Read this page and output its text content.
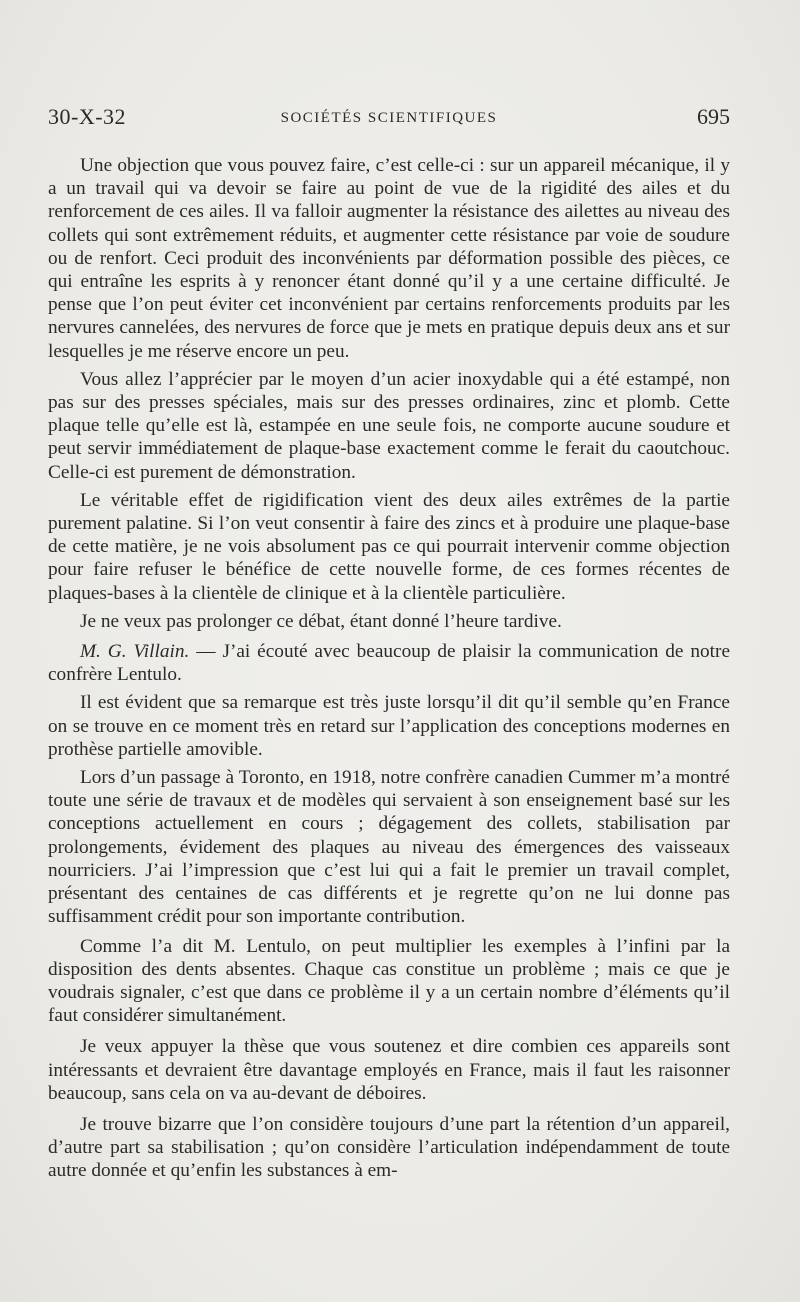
30-X-32	SOCIÉTÉS SCIENTIFIQUES	695

Une objection que vous pouvez faire, c’est celle-ci : sur un appareil mécanique, il y a un travail qui va devoir se faire au point de vue de la rigidité des ailes et du renforcement de ces ailes. Il va falloir augmenter la résistance des ailettes au niveau des collets qui sont extrêmement réduits, et augmenter cette résistance par voie de soudure ou de renfort. Ceci produit des inconvénients par déformation possible des pièces, ce qui entraîne les esprits à y renoncer étant donné qu’il y a une certaine difficulté. Je pense que l’on peut éviter cet inconvénient par certains renforcements produits par les nervures cannelées, des nervures de force que je mets en pratique depuis deux ans et sur lesquelles je me réserve encore un peu.

Vous allez l’apprécier par le moyen d’un acier inoxydable qui a été estampé, non pas sur des presses spéciales, mais sur des presses ordinaires, zinc et plomb. Cette plaque telle qu’elle est là, estampée en une seule fois, ne comporte aucune soudure et peut servir immédiatement de plaque-base exactement comme le ferait du caoutchouc. Celle-ci est purement de démonstration.

Le véritable effet de rigidification vient des deux ailes extrêmes de la partie purement palatine. Si l’on veut consentir à faire des zincs et à produire une plaque-base de cette matière, je ne vois absolument pas ce qui pourrait intervenir comme objection pour faire refuser le bénéfice de cette nouvelle forme, de ces formes récentes de plaques-bases à la clientèle de clinique et à la clientèle particulière.

Je ne veux pas prolonger ce débat, étant donné l’heure tardive.

M. G. Villain. — J’ai écouté avec beaucoup de plaisir la communication de notre confrère Lentulo.

Il est évident que sa remarque est très juste lorsqu’il dit qu’il semble qu’en France on se trouve en ce moment très en retard sur l’application des conceptions modernes en prothèse partielle amovible.

Lors d’un passage à Toronto, en 1918, notre confrère canadien Cummer m’a montré toute une série de travaux et de modèles qui servaient à son enseignement basé sur les conceptions actuellement en cours ; dégagement des collets, stabilisation par prolongements, évidement des plaques au niveau des émergences des vaisseaux nourriciers. J’ai l’impression que c’est lui qui a fait le premier un travail complet, présentant des centaines de cas différents et je regrette qu’on ne lui donne pas suffisamment crédit pour son importante contribution.

Comme l’a dit M. Lentulo, on peut multiplier les exemples à l’infini par la disposition des dents absentes. Chaque cas constitue un problème ; mais ce que je voudrais signaler, c’est que dans ce problème il y a un certain nombre d’éléments qu’il faut considérer simultanément.

Je veux appuyer la thèse que vous soutenez et dire combien ces appareils sont intéressants et devraient être davantage employés en France, mais il faut les raisonner beaucoup, sans cela on va au-devant de déboires.

Je trouve bizarre que l’on considère toujours d’une part la rétention d’un appareil, d’autre part sa stabilisation ; qu’on considère l’articulation indépendamment de toute autre donnée et qu’enfin les substances à em-
